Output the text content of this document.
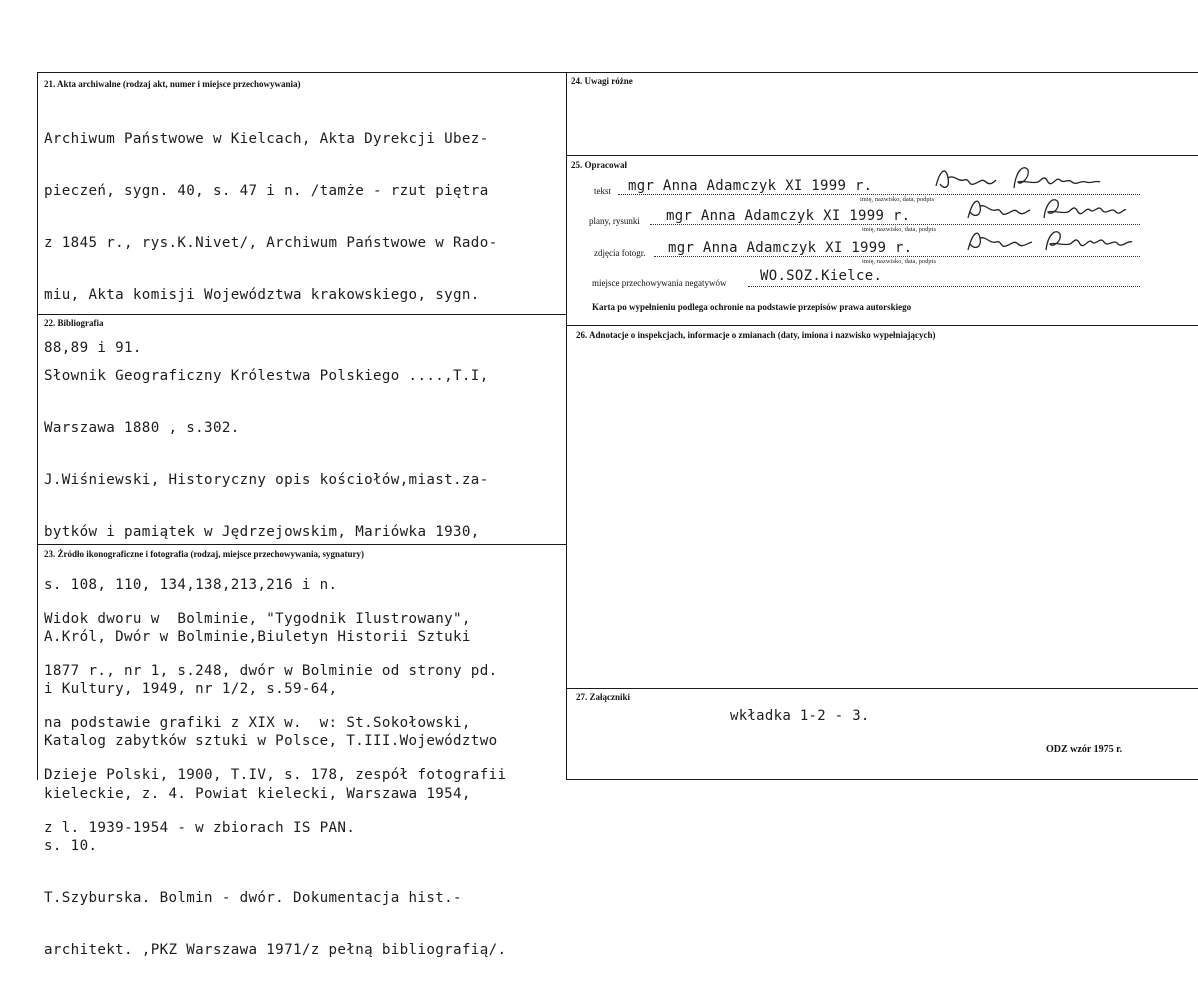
21. Akta archiwalne (rodzaj akt, numer i miejsce przechowywania)

Archiwum Państwowe w Kielcach, Akta Dyrekcji Ubez-

pieczeń, sygn. 40, s. 47 i n. /tamże - rzut piętra

z 1845 r., rys.K.Nivet/, Archiwum Państwowe w Rado-

miu, Akta komisji Województwa krakowskiego, sygn.

88,89 i 91.

22. Bibliografia

Słownik Geograficzny Królestwa Polskiego ....,T.I,

Warszawa 1880 , s.302.

J.Wiśniewski, Historyczny opis kościołów,miast.za-

bytków i pamiątek w Jędrzejowskim, Mariówka 1930,

s. 108, 110, 134,138,213,216 i n.

A.Król, Dwór w Bolminie,Biuletyn Historii Sztuki

i Kultury, 1949, nr 1/2, s.59-64,

Katalog zabytków sztuki w Polsce, T.III.Województwo

kieleckie, z. 4. Powiat kielecki, Warszawa 1954,

s. 10.

T.Szyburska. Bolmin - dwór. Dokumentacja hist.-

architekt. ,PKZ Warszawa 1971/z pełną bibliografią/.

23. Źródło ikonograficzne i fotografia (rodzaj, miejsce przechowywania, sygnatury)

Widok dworu w  Bolminie, "Tygodnik Ilustrowany",

1877 r., nr 1, s.248, dwór w Bolminie od strony pd.

na podstawie grafiki z XIX w.  w: St.Sokołowski,

Dzieje Polski, 1900, T.IV, s. 178, zespół fotografii

z l. 1939-1954 - w zbiorach IS PAN.

24. Uwagi różne
25. Opracował
tekst mgr Anna Adamczyk XI 1999 r.
imię, nazwisko, data, podpis
plany, rysunki mgr Anna Adamczyk XI 1999 r.
imię, nazwisko, data, podpis
zdjęcia fotogr. mgr Anna Adamczyk XI 1999 r.
imię, nazwisko, data, podpis
miejsce przechowywania negatywów WO.SOZ.Kielce.
Karta po wypełnieniu podlega ochronie na podstawie przepisów prawa autorskiego
26. Adnotacje o inspekcjach, informacje o zmianach (daty, imiona i nazwisko wypełniających)
27. Załączniki
wkładka 1-2 - 3.
ODZ wzór 1975 r.
